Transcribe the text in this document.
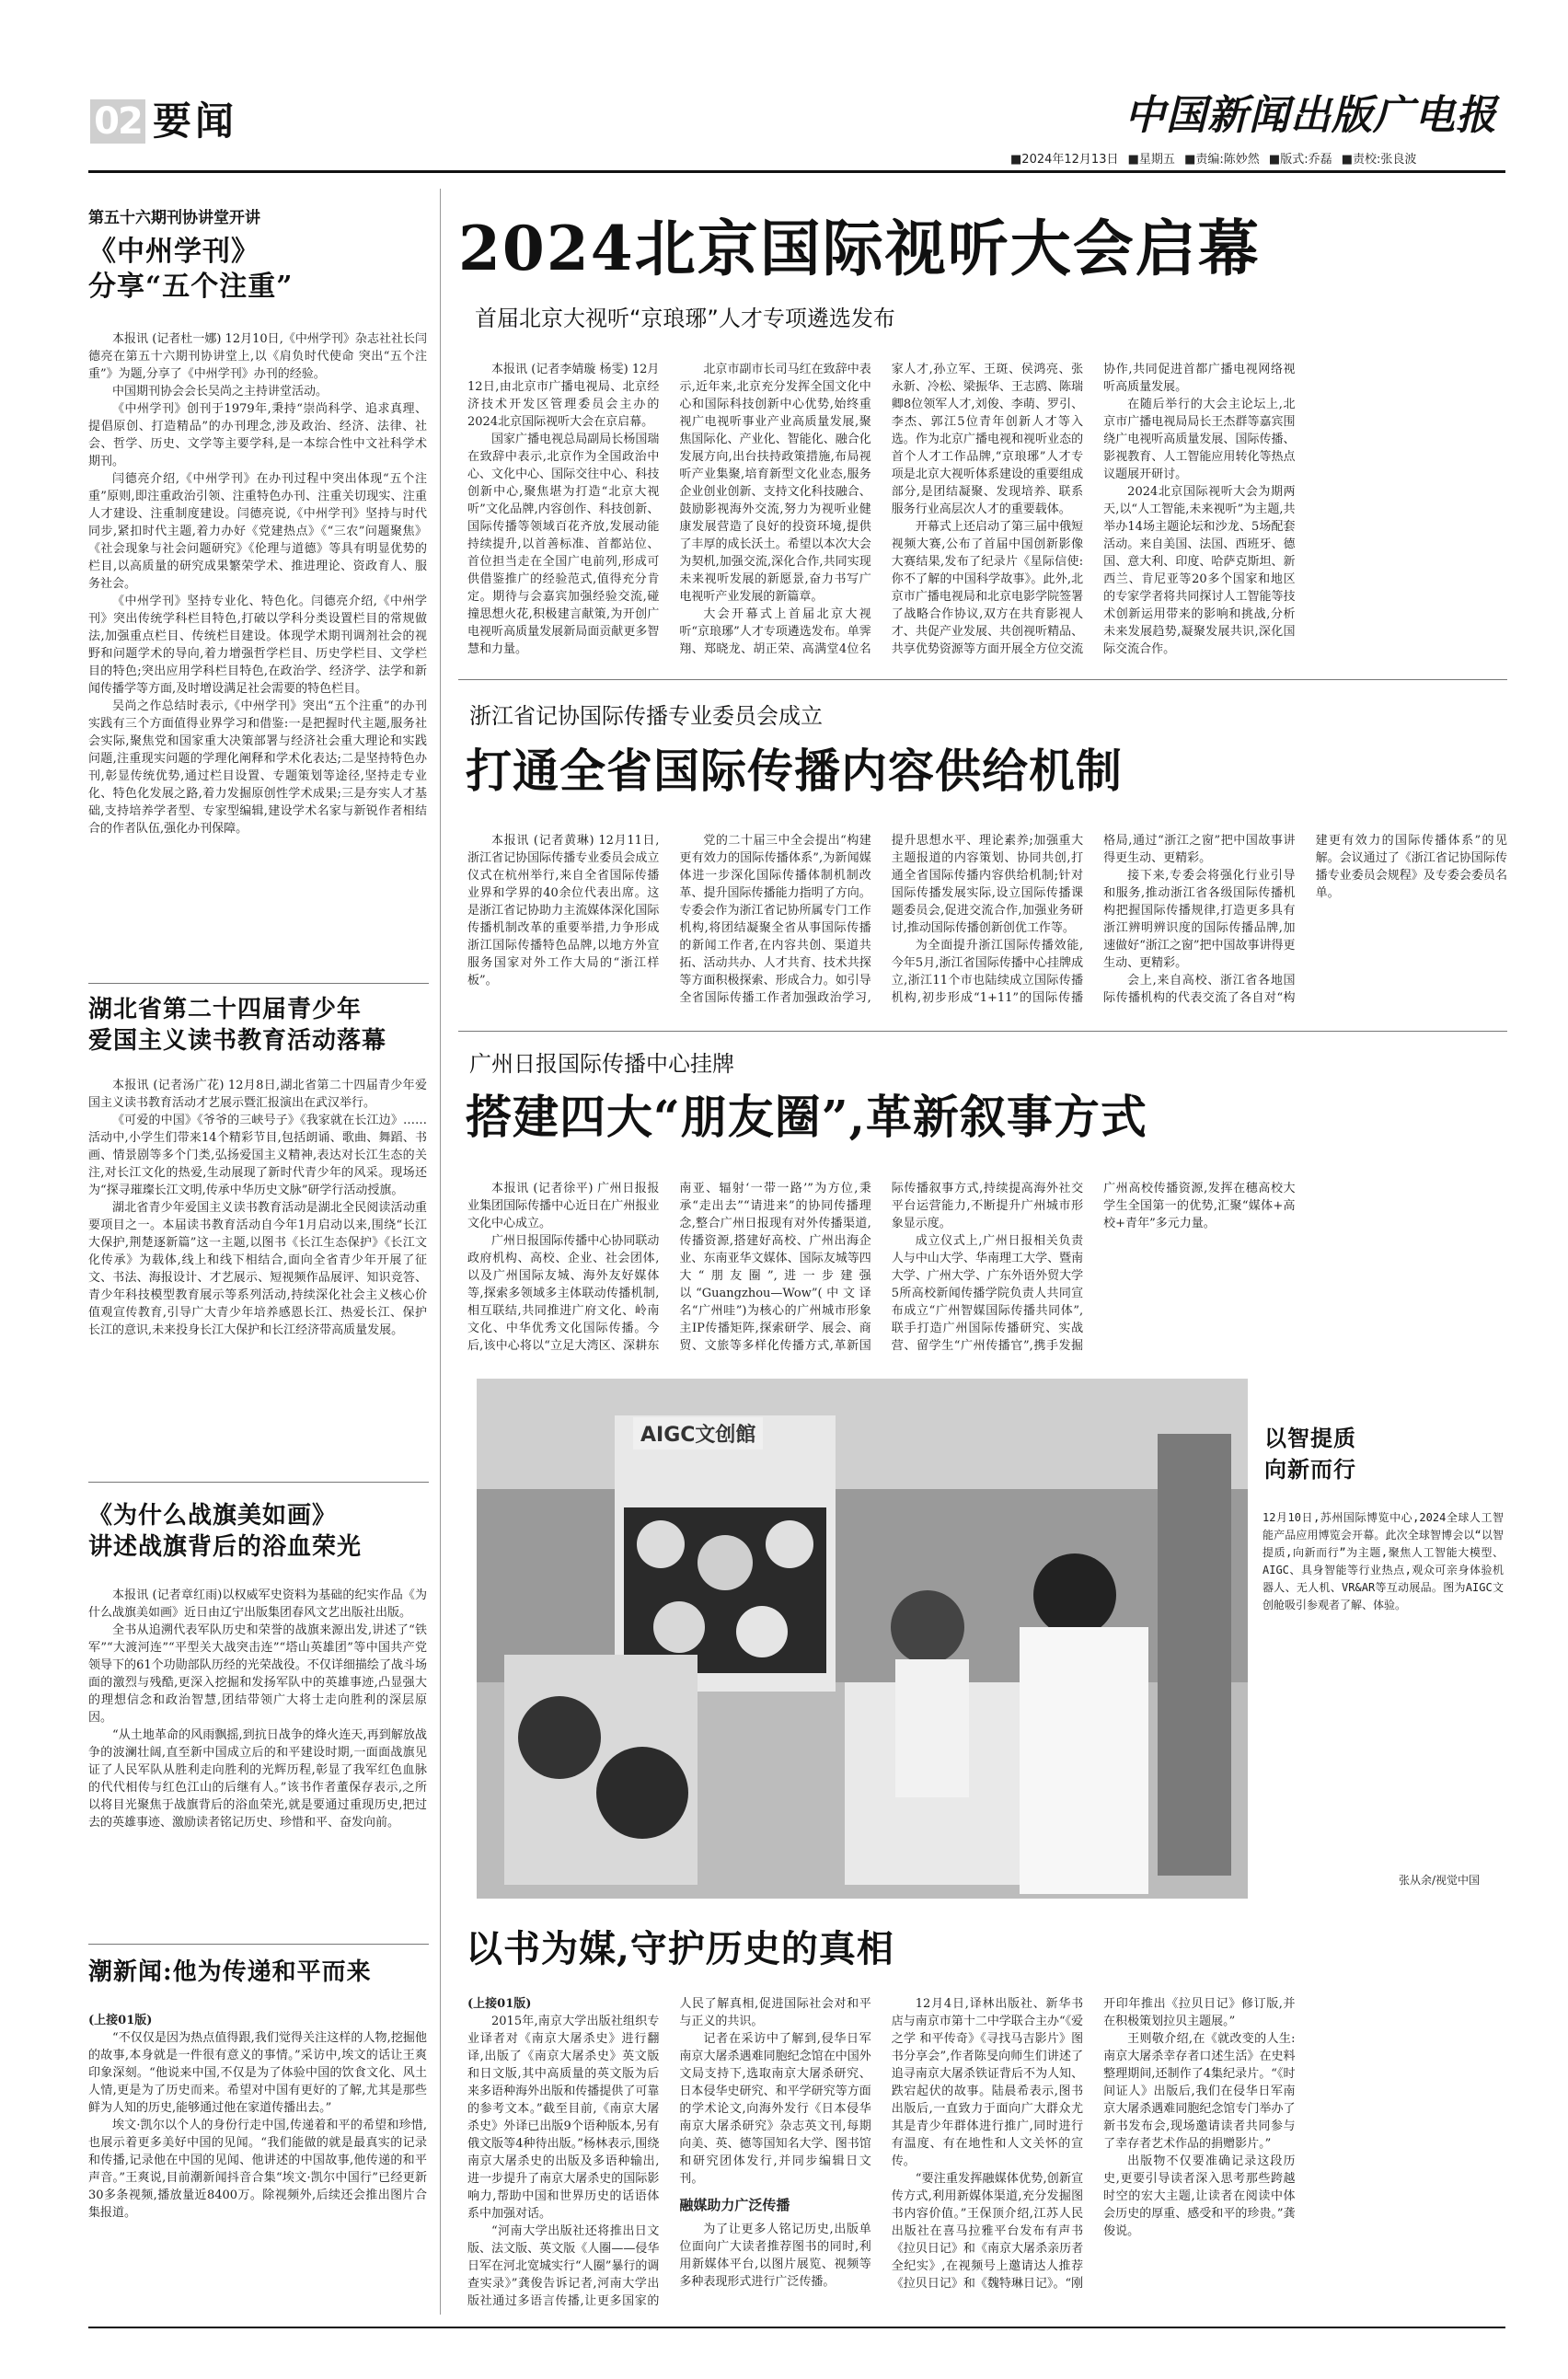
02 要闻	中国新闻出版广电报
■2024年12月13日 ■星期五 ■责编:陈妙然 ■版式:乔磊 ■责校:张良波
第五十六期刊协讲堂开讲
《中州学刊》
分享“五个注重”

本报讯 (记者杜一娜) 12月10日,《中州学刊》杂志社社长闫德亮在第五十六期刊协讲堂上,以《肩负时代使命 突出“五个注重”》为题,分享了《中州学刊》办刊的经验。

中国期刊协会会长吴尚之主持讲堂活动。

《中州学刊》创刊于1979年,秉持“崇尚科学、追求真理、提倡原创、打造精品”的办刊理念,涉及政治、经济、法律、社会、哲学、历史、文学等主要学科,是一本综合性中文社科学术期刊。

闫德亮介绍,《中州学刊》在办刊过程中突出体现“五个注重”原则,即注重政治引领、注重特色办刊、注重关切现实、注重人才建设、注重制度建设。闫德亮说,《中州学刊》坚持与时代同步,紧扣时代主题,着力办好《党建热点》《“三农”问题聚焦》《社会现象与社会问题研究》《伦理与道德》等具有明显优势的栏目,以高质量的研究成果繁荣学术、推进理论、资政育人、服务社会。

《中州学刊》坚持专业化、特色化。闫德亮介绍,《中州学刊》突出传统学科栏目特色,打破以学科分类设置栏目的常规做法,加强重点栏目、传统栏目建设。体现学术期刊调剂社会的视野和问题学术的导向,着力增强哲学栏目、历史学栏目、文学栏目的特色;突出应用学科栏目特色,在政治学、经济学、法学和新闻传播学等方面,及时增设满足社会需要的特色栏目。

吴尚之作总结时表示,《中州学刊》突出“五个注重”的办刊实践有三个方面值得业界学习和借鉴:一是把握时代主题,服务社会实际,聚焦党和国家重大决策部署与经济社会重大理论和实践问题,注重现实问题的学理化阐释和学术化表达;二是坚持特色办刊,彰显传统优势,通过栏目设置、专题策划等途径,坚持走专业化、特色化发展之路,着力发掘原创性学术成果;三是夯实人才基础,支持培养学者型、专家型编辑,建设学术名家与新锐作者相结合的作者队伍,强化办刊保障。

湖北省第二十四届青少年
爱国主义读书教育活动落幕

本报讯 (记者汤广花) 12月8日,湖北省第二十四届青少年爱国主义读书教育活动才艺展示暨汇报演出在武汉举行。

《可爱的中国》《爷爷的三峡号子》《我家就在长江边》……活动中,小学生们带来14个精彩节目,包括朗诵、歌曲、舞蹈、书画、情景剧等多个门类,弘扬爱国主义精神,表达对长江生态的关注,对长江文化的热爱,生动展现了新时代青少年的风采。现场还为“探寻璀璨长江文明,传承中华历史文脉”研学行活动授旗。

湖北省青少年爱国主义读书教育活动是湖北全民阅读活动重要项目之一。本届读书教育活动自今年1月启动以来,围绕“长江大保护,荆楚逐新篇”这一主题,以图书《长江生态保护》《长江文化传承》为载体,线上和线下相结合,面向全省青少年开展了征文、书法、海报设计、才艺展示、短视频作品展评、知识竞答、青少年科技模型教育展示等系列活动,持续深化社会主义核心价值观宣传教育,引导广大青少年培养感恩长江、热爱长江、保护长江的意识,未来投身长江大保护和长江经济带高质量发展。

《为什么战旗美如画》
讲述战旗背后的浴血荣光

本报讯 (记者章红雨)以权威军史资料为基础的纪实作品《为什么战旗美如画》近日由辽宁出版集团春风文艺出版社出版。

全书从追溯代表军队历史和荣誉的战旗来源出发,讲述了“铁军”“大渡河连”“平型关大战突击连”“塔山英雄团”等中国共产党领导下的61个功勋部队历经的光荣战役。不仅详细描绘了战斗场面的激烈与残酷,更深入挖掘和发扬军队中的英雄事迹,凸显强大的理想信念和政治智慧,团结带领广大将士走向胜利的深层原因。

“从土地革命的风雨飘摇,到抗日战争的烽火连天,再到解放战争的波澜壮阔,直至新中国成立后的和平建设时期,一面面战旗见证了人民军队从胜利走向胜利的光辉历程,彰显了我军红色血脉的代代相传与红色江山的后继有人。”该书作者董保存表示,之所以将目光聚焦于战旗背后的浴血荣光,就是要通过重现历史,把过去的英雄事迹、激励读者铭记历史、珍惜和平、奋发向前。

潮新闻:他为传递和平而来
(上接01版)

“不仅仅是因为热点值得跟,我们觉得关注这样的人物,挖掘他的故事,本身就是一件很有意义的事情。”采访中,埃文的话让王爽印象深刻。“他说来中国,不仅是为了体验中国的饮食文化、风土人情,更是为了历史而来。希望对中国有更好的了解,尤其是那些鲜为人知的历史,能够通过他在家道传播出去。”

埃文·凯尔以个人的身份行走中国,传递着和平的希望和珍惜,也展示着更多美好中国的见闻。“我们能做的就是最真实的记录和传播,记录他在中国的见闻、他讲述的中国故事,他传递的和平声音。”王爽说,目前潮新闻抖音合集“埃文·凯尔中国行”已经更新30多条视频,播放量近8400万。除视频外,后续还会推出图片合集报道。

2024北京国际视听大会启幕
首届北京大视听“京琅琊”人才专项遴选发布

本报讯 (记者李婧璇 杨雯) 12月12日,由北京市广播电视局、北京经济技术开发区管理委员会主办的2024北京国际视听大会在京启幕。

国家广播电视总局副局长杨国瑞在致辞中表示,北京作为全国政治中心、文化中心、国际交往中心、科技创新中心,聚焦堪为打造“北京大视听”文化品牌,内容创作、科技创新、国际传播等领域百花齐放,发展动能持续提升,以首善标准、首都站位、首位担当走在全国广电前列,形成可供借鉴推广的经验范式,值得充分肯定。期待与会嘉宾加强经验交流,碰撞思想火花,积极建言献策,为开创广电视听高质量发展新局面贡献更多智慧和力量。

北京市副市长司马红在致辞中表示,近年来,北京充分发挥全国文化中心和国际科技创新中心优势,始终重视广电视听事业产业高质量发展,聚焦国际化、产业化、智能化、融合化发展方向,出台扶持政策措施,布局视听产业集聚,培育新型文化业态,服务企业创业创新、支持文化科技融合、鼓励影视海外交流,努力为视听业健康发展营造了良好的投资环境,提供了丰厚的成长沃土。希望以本次大会为契机,加强交流,深化合作,共同实现未来视听发展的新愿景,奋力书写广电视听产业发展的新篇章。

大会开幕式上首届北京大视听“京琅琊”人才专项遴选发布。单霁翔、郑晓龙、胡正荣、高满堂4位名家人才,孙立军、王斑、侯鸿亮、张永新、冷松、梁振华、王志鸥、陈瑞卿8位领军人才,刘俊、李萌、罗引、李杰、郭江5位青年创新人才等入选。作为北京广播电视和视听业态的首个人才工作品牌,“京琅琊”人才专项是北京大视听体系建设的重要组成部分,是团结凝聚、发现培养、联系服务行业高层次人才的重要载体。

开幕式上还启动了第三届中俄短视频大赛,公布了首届中国创新影像大赛结果,发布了纪录片《星际信使:你不了解的中国科学故事》。此外,北京市广播电视局和北京电影学院签署了战略合作协议,双方在共育影视人才、共促产业发展、共创视听精品、共享优势资源等方面开展全方位交流协作,共同促进首都广播电视网络视听高质量发展。

在随后举行的大会主论坛上,北京市广播电视局局长王杰群等嘉宾围绕广电视听高质量发展、国际传播、影视教育、人工智能应用转化等热点议题展开研讨。

2024北京国际视听大会为期两天,以“人工智能,未来视听”为主题,共举办14场主题论坛和沙龙、5场配套活动。来自美国、法国、西班牙、德国、意大利、印度、哈萨克斯坦、新西兰、肯尼亚等20多个国家和地区的专家学者将共同探讨人工智能等技术创新运用带来的影响和挑战,分析未来发展趋势,凝聚发展共识,深化国际交流合作。

浙江省记协国际传播专业委员会成立
打通全省国际传播内容供给机制

本报讯 (记者黄琳) 12月11日,浙江省记协国际传播专业委员会成立仪式在杭州举行,来自全省国际传播业界和学界的40余位代表出席。这是浙江省记协助力主流媒体深化国际传播机制改革的重要举措,力争形成浙江国际传播特色品牌,以地方外宣服务国家对外工作大局的“浙江样板”。

党的二十届三中全会提出“构建更有效力的国际传播体系”,为新闻媒体进一步深化国际传播体制机制改革、提升国际传播能力指明了方向。专委会作为浙江省记协所属专门工作机构,将团结凝聚全省从事国际传播的新闻工作者,在内容共创、渠道共拓、活动共办、人才共育、技术共探等方面积极探索、形成合力。如引导全省国际传播工作者加强政治学习,提升思想水平、理论素养;加强重大主题报道的内容策划、协同共创,打通全省国际传播内容供给机制;针对国际传播发展实际,设立国际传播课题委员会,促进交流合作,加强业务研讨,推动国际传播创新创优工作等。

为全面提升浙江国际传播效能,今年5月,浙江省国际传播中心挂牌成立,浙江11个市也陆续成立国际传播机构,初步形成“1+11”的国际传播格局,通过“浙江之窗”把中国故事讲得更生动、更精彩。

接下来,专委会将强化行业引导和服务,推动浙江省各级国际传播机构把握国际传播规律,打造更多具有浙江辨明辨识度的国际传播品牌,加速做好“浙江之窗”把中国故事讲得更生动、更精彩。

会上,来自高校、浙江省各地国际传播机构的代表交流了各自对“构建更有效力的国际传播体系”的见解。会议通过了《浙江省记协国际传播专业委员会规程》及专委会委员名单。

广州日报国际传播中心挂牌
搭建四大“朋友圈”,革新叙事方式

本报讯 (记者徐平) 广州日报报业集团国际传播中心近日在广州报业文化中心成立。

广州日报国际传播中心协同联动政府机构、高校、企业、社会团体,以及广州国际友城、海外友好媒体等,探索多领域多主体联动传播机制,相互联结,共同推进广府文化、岭南文化、中华优秀文化国际传播。今后,该中心将以“立足大湾区、深耕东南亚、辐射‘一带一路’”为方位,秉承“走出去”“请进来”的协同传播理念,整合广州日报现有对外传播渠道,传播资源,搭建好高校、广州出海企业、东南亚华文媒体、国际友城等四大“朋友圈”,进一步建强以“Guangzhou—Wow”(中文译名“广州哇”)为核心的广州城市形象主IP传播矩阵,探索研学、展会、商贸、文旅等多样化传播方式,革新国际传播叙事方式,持续提高海外社交平台运营能力,不断提升广州城市形象显示度。

成立仪式上,广州日报相关负责人与中山大学、华南理工大学、暨南大学、广州大学、广东外语外贸大学5所高校新闻传播学院负责人共同宣布成立“广州智媒国际传播共同体”,联手打造广州国际传播研究、实战营、留学生“广州传播官”,携手发掘广州高校传播资源,发挥在穗高校大学生全国第一的优势,汇聚“媒体+高校+青年”多元力量。

AIGC文创館	以智提质
向新而行
12月10日,苏州国际博览中心,2024全球人工智能产品应用博览会开幕。此次全球智博会以“以智提质,向新而行”为主题,聚焦人工智能大模型、AIGC、具身智能等行业热点,观众可亲身体验机器人、无人机、VR&AR等互动展品。图为AIGC文创舱吸引参观者了解、体验。
张从余/视觉中国
以书为媒,守护历史的真相
(上接01版)

2015年,南京大学出版社组织专业译者对《南京大屠杀史》进行翻译,出版了《南京大屠杀史》英文版和日文版,其中高质量的英文版为后来多语种海外出版和传播提供了可靠的参考文本。”截至目前,《南京大屠杀史》外译已出版9个语种版本,另有俄文版等4种待出版。”杨林表示,围绕南京大屠杀史的出版及多语种输出,进一步提升了南京大屠杀史的国际影响力,帮助中国和世界历史的话语体系中加强对话。

“河南大学出版社还将推出日文版、法文版、英文版《人圈——侵华日军在河北宽城实行“人圈”暴行的调查实录》”龚俊告诉记者,河南大学出版社通过多语言传播,让更多国家的人民了解真相,促进国际社会对和平与正义的共识。

记者在采访中了解到,侵华日军南京大屠杀遇难同胞纪念馆在中国外文局支持下,选取南京大屠杀研究、日本侵华史研究、和平学研究等方面的学术论文,向海外发行《日本侵华南京大屠杀研究》杂志英文刊,每期向美、英、德等国知名大学、图书馆和研究团体发行,并同步编辑日文刊。

融媒助力广泛传播

为了让更多人铭记历史,出版单位面向广大读者推荐图书的同时,利用新媒体平台,以图片展览、视频等多种表现形式进行广泛传播。

12月4日,译林出版社、新华书店与南京市第十二中学联合主办“《爱之学 和平传奇》《寻找马吉影片》图书分享会”,作者陈旻向师生们讲述了追寻南京大屠杀铁证背后不为人知、跌宕起伏的故事。陆晨希表示,图书出版后,一直致力于面向广大群众尤其是青少年群体进行推广,同时进行有温度、有在地性和人文关怀的宣传。

“要注重发挥融媒体优势,创新宣传方式,利用新媒体渠道,充分发掘图书内容价值。”王保顶介绍,江苏人民出版社在喜马拉雅平台发布有声书《拉贝日记》和《南京大屠杀亲历者全纪实》,在视频号上邀请达人推荐《拉贝日记》和《魏特琳日记》。“刚开印年推出《拉贝日记》修订版,并在积极策划拉贝主题展。”

王则敬介绍,在《就改变的人生:南京大屠杀幸存者口述生活》在史料整理期间,还制作了4集纪录片。“《时间证人》出版后,我们在侵华日军南京大屠杀遇难同胞纪念馆专门举办了新书发布会,现场邀请读者共同参与了幸存者艺术作品的捐赠影片。”

出版物不仅要准确记录这段历史,更要引导读者深入思考那些跨越时空的宏大主题,让读者在阅读中体会历史的厚重、感受和平的珍贵。”龚俊说。
